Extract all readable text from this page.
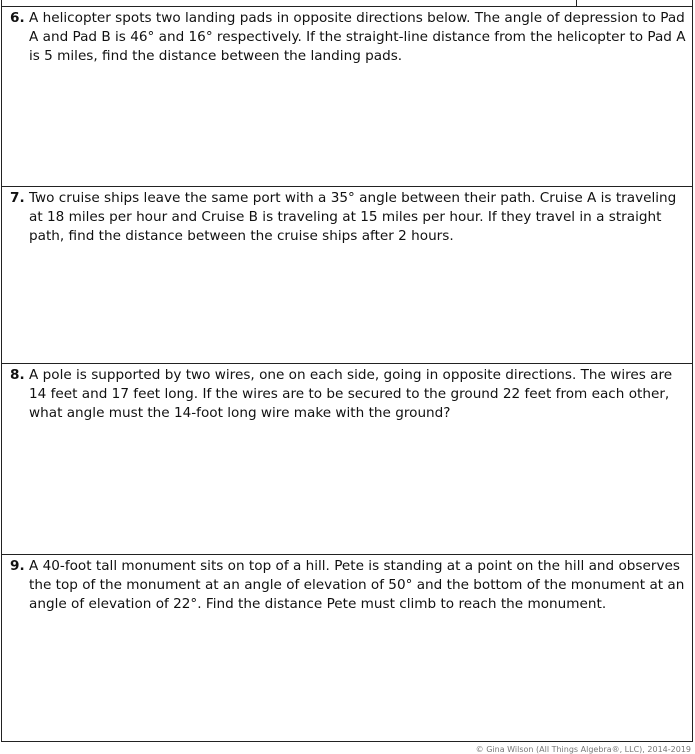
6. A helicopter spots two landing pads in opposite directions below. The angle of depression to Pad A and Pad B is 46° and 16° respectively. If the straight-line distance from the helicopter to Pad A is 5 miles, find the distance between the landing pads.
7. Two cruise ships leave the same port with a 35° angle between their path. Cruise A is traveling at 18 miles per hour and Cruise B is traveling at 15 miles per hour. If they travel in a straight path, find the distance between the cruise ships after 2 hours.
8. A pole is supported by two wires, one on each side, going in opposite directions. The wires are 14 feet and 17 feet long. If the wires are to be secured to the ground 22 feet from each other, what angle must the 14-foot long wire make with the ground?
9. A 40-foot tall monument sits on top of a hill. Pete is standing at a point on the hill and observes the top of the monument at an angle of elevation of 50° and the bottom of the monument at an angle of elevation of 22°. Find the distance Pete must climb to reach the monument.
© Gina Wilson (All Things Algebra®, LLC), 2014-2019
